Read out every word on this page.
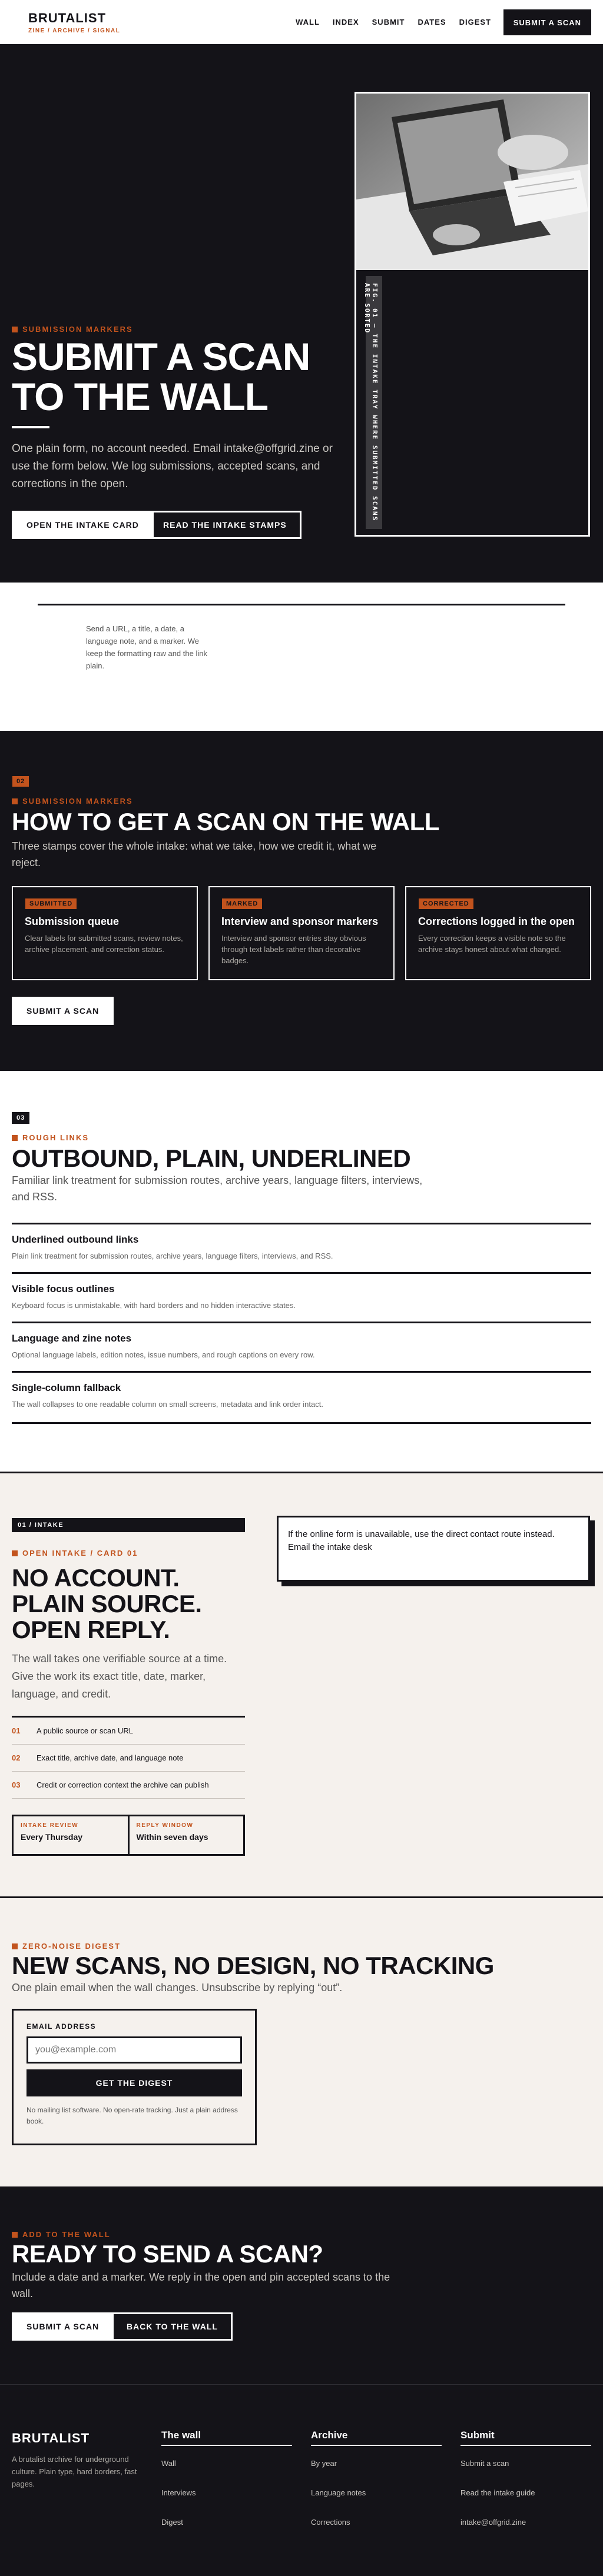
BRUTALIST
ZINE / ARCHIVE / SIGNAL
WALL INDEX SUBMIT DATES DIGEST	SUBMIT A SCAN
SUBMISSION MARKERS
SUBMIT A SCAN
TO THE WALL

One plain form, no account needed. Email intake@offgrid.zine or use the form below. We log submissions, accepted scans, and corrections in the open.

OPEN THE INTAKE CARD	READ THE INTAKE STAMPS
FIG. 01 — THE INTAKE TRAY WHERE SUBMITTED SCANS ARE SORTED

Send a URL, a title, a date, a language note, and a marker. We keep the formatting raw and the link plain.

02
SUBMISSION MARKERS
HOW TO GET A SCAN ON THE WALL

Three stamps cover the whole intake: what we take, how we credit it, what we reject.

SUBMITTED
Submission queue

Clear labels for submitted scans, review notes, archive placement, and correction status.

MARKED
Interview and sponsor markers

Interview and sponsor entries stay obvious through text labels rather than decorative badges.

CORRECTED
Corrections logged in the open

Every correction keeps a visible note so the archive stays honest about what changed.

SUBMIT A SCAN
03
ROUGH LINKS
OUTBOUND, PLAIN, UNDERLINED

Familiar link treatment for submission routes, archive years, language filters, interviews, and RSS.

Underlined outbound links

Plain link treatment for submission routes, archive years, language filters, interviews, and RSS.

Visible focus outlines

Keyboard focus is unmistakable, with hard borders and no hidden interactive states.

Language and zine notes

Optional language labels, edition notes, issue numbers, and rough captions on every row.

Single-column fallback

The wall collapses to one readable column on small screens, metadata and link order intact.

01 / INTAKE
OPEN INTAKE / CARD 01
NO ACCOUNT.
PLAIN SOURCE.
OPEN REPLY.

The wall takes one verifiable source at a time. Give the work its exact title, date, marker, language, and credit.

01	A public source or scan URL
02	Exact title, archive date, and language note
03	Credit or correction context the archive can publish
INTAKE REVIEW
Every Thursday
REPLY WINDOW
Within seven days

If the online form is unavailable, use the direct contact route instead.

Email the intake desk
ZERO-NOISE DIGEST
NEW SCANS, NO DESIGN, NO TRACKING

One plain email when the wall changes. Unsubscribe by replying “out”.

EMAIL ADDRESS
you@example.com
GET THE DIGEST

No mailing list software. No open-rate tracking. Just a plain address book.

ADD TO THE WALL
READY TO SEND A SCAN?

Include a date and a marker. We reply in the open and pin accepted scans to the wall.

SUBMIT A SCAN	BACK TO THE WALL
BRUTALIST

A brutalist archive for underground culture. Plain type, hard borders, fast pages.

The wall
Wall
Interviews
Digest
Archive
By year
Language notes
Corrections
Submit
Submit a scan
Read the intake guide
intake@offgrid.zine
